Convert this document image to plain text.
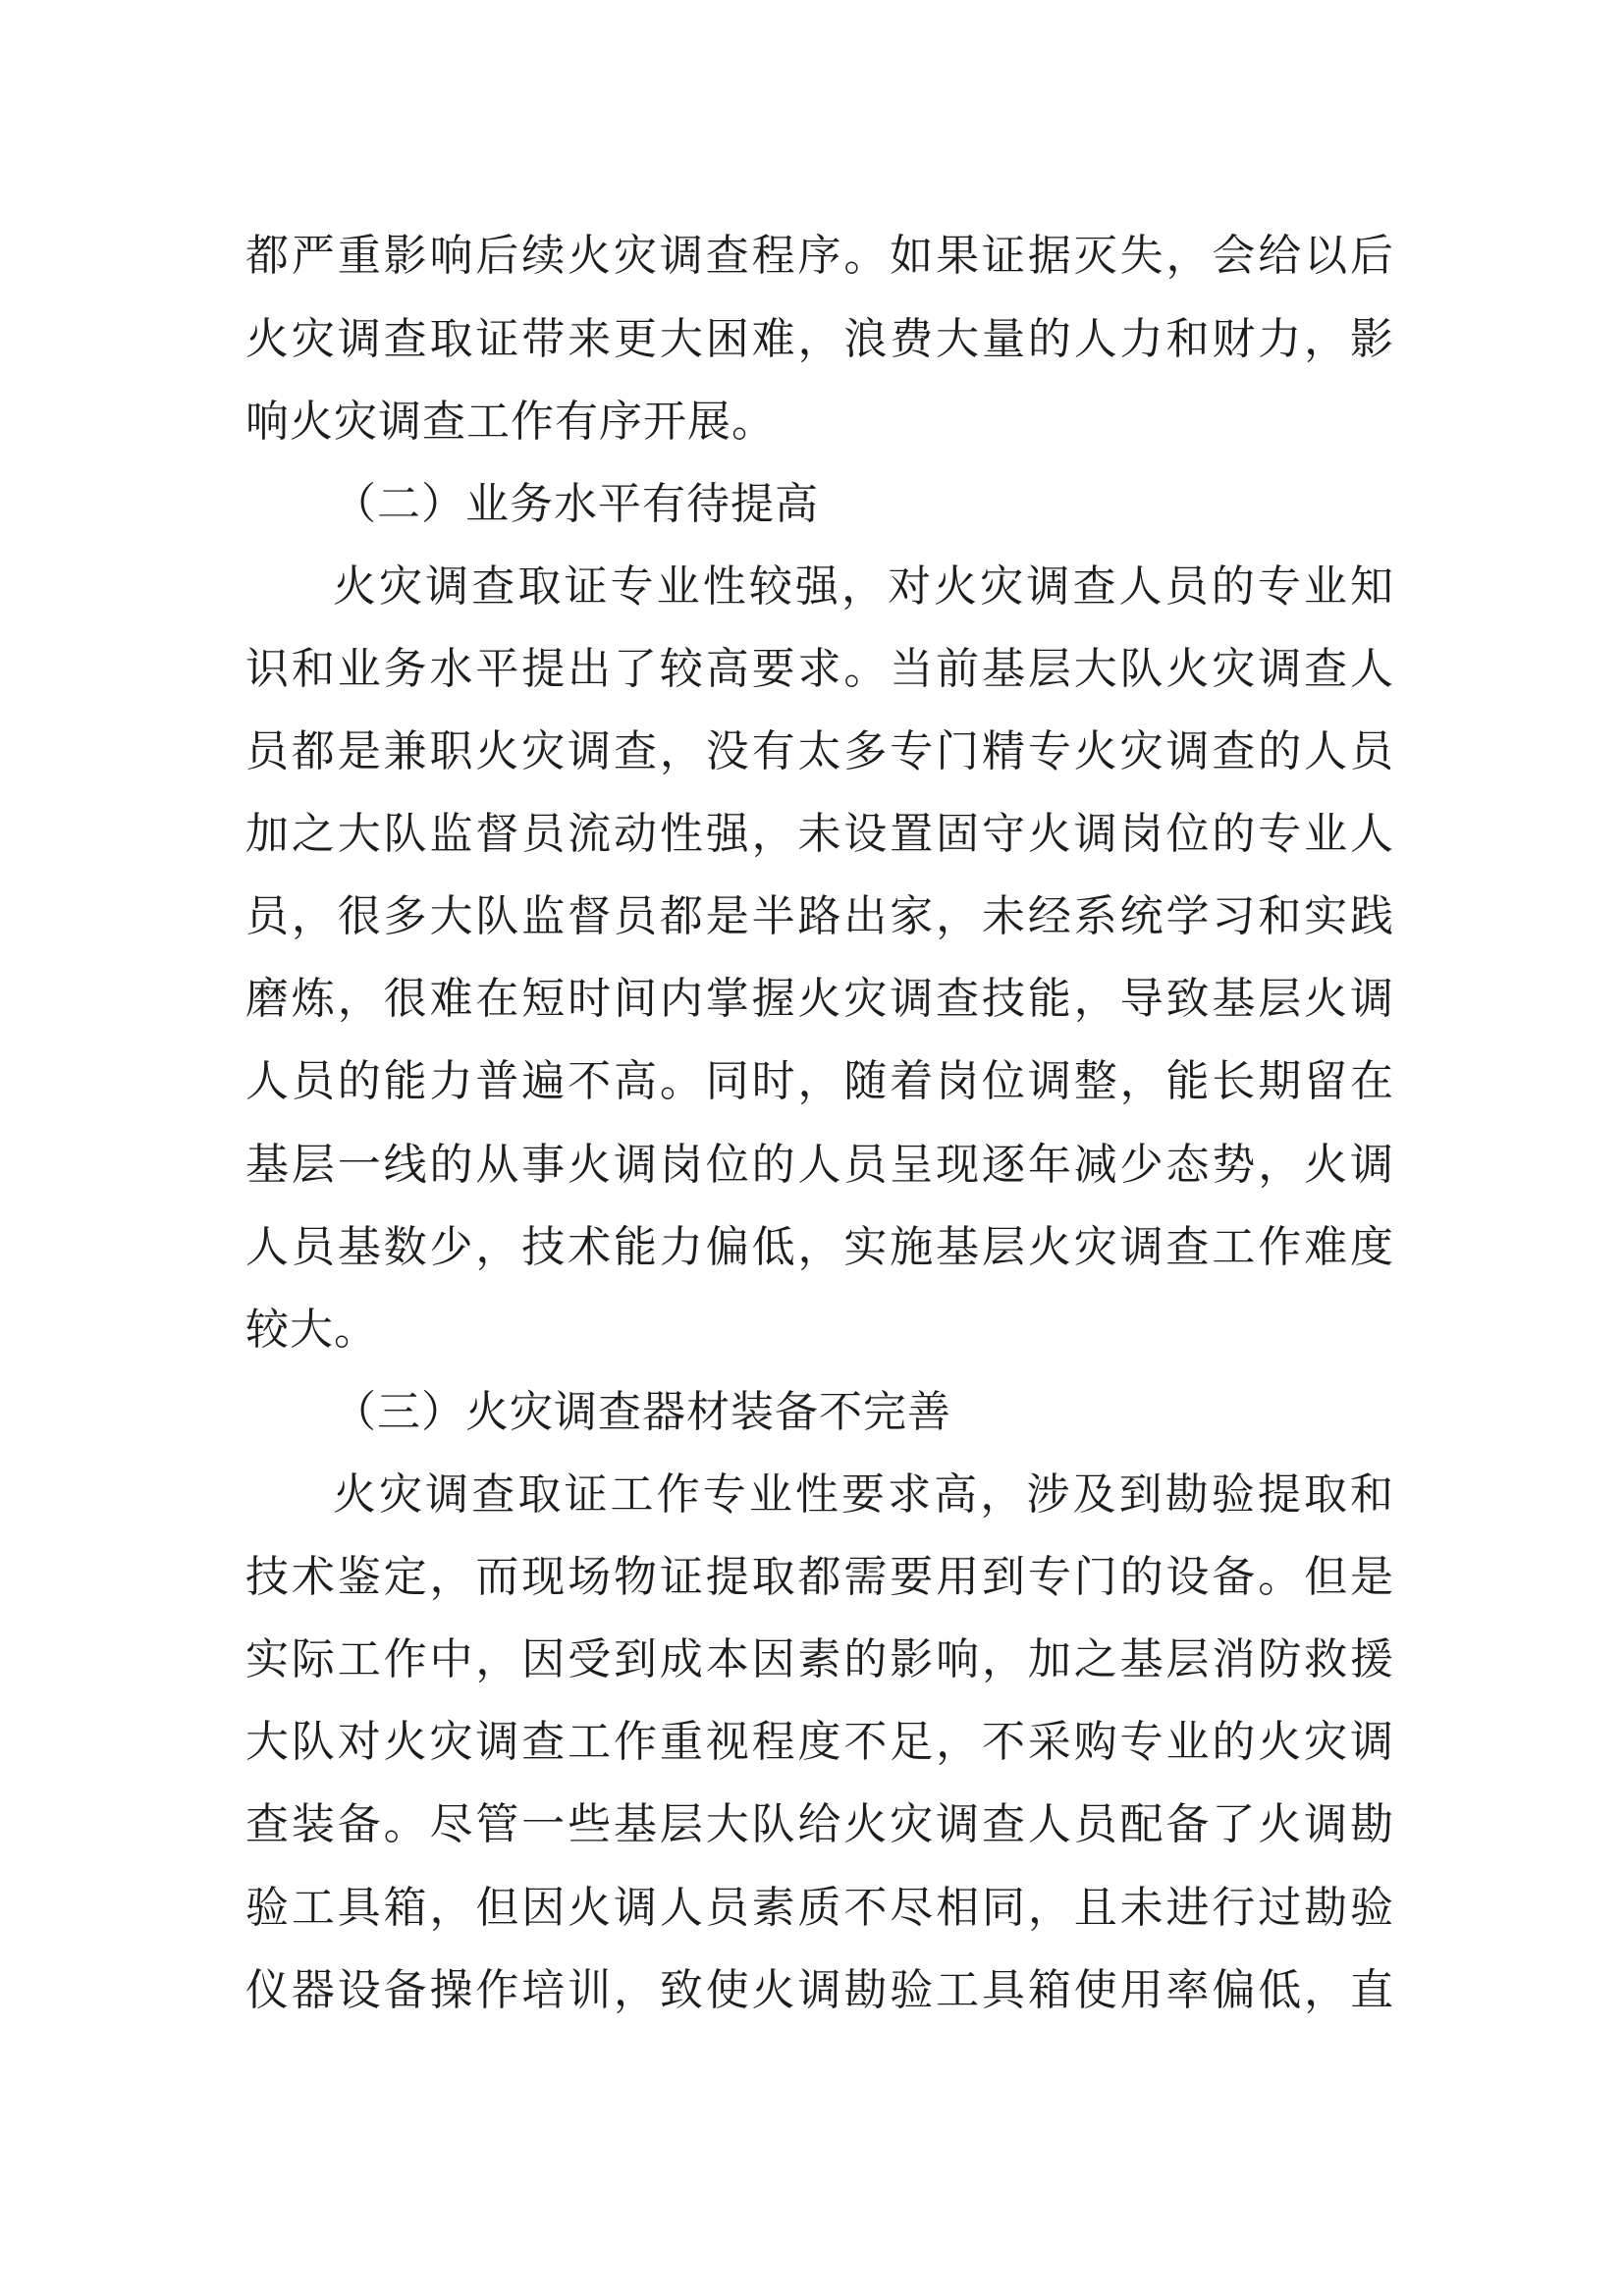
都严重影响后续火灾调查程序。如果证据灭失，会给以后
火灾调查取证带来更大困难，浪费大量的人力和财力，影
响火灾调查工作有序开展。
（二）业务水平有待提高
火灾调查取证专业性较强，对火灾调查人员的专业知
识和业务水平提出了较高要求。当前基层大队火灾调查人
员都是兼职火灾调查，没有太多专门精专火灾调查的人员
加之大队监督员流动性强，未设置固守火调岗位的专业人
员，很多大队监督员都是半路出家，未经系统学习和实践
磨炼，很难在短时间内掌握火灾调查技能，导致基层火调
人员的能力普遍不高。同时，随着岗位调整，能长期留在
基层一线的从事火调岗位的人员呈现逐年减少态势，火调
人员基数少，技术能力偏低，实施基层火灾调查工作难度
较大。
（三）火灾调查器材装备不完善
火灾调查取证工作专业性要求高，涉及到勘验提取和
技术鉴定，而现场物证提取都需要用到专门的设备。但是
实际工作中，因受到成本因素的影响，加之基层消防救援
大队对火灾调查工作重视程度不足，不采购专业的火灾调
查装备。尽管一些基层大队给火灾调查人员配备了火调勘
验工具箱，但因火调人员素质不尽相同，且未进行过勘验
仪器设备操作培训，致使火调勘验工具箱使用率偏低，直
